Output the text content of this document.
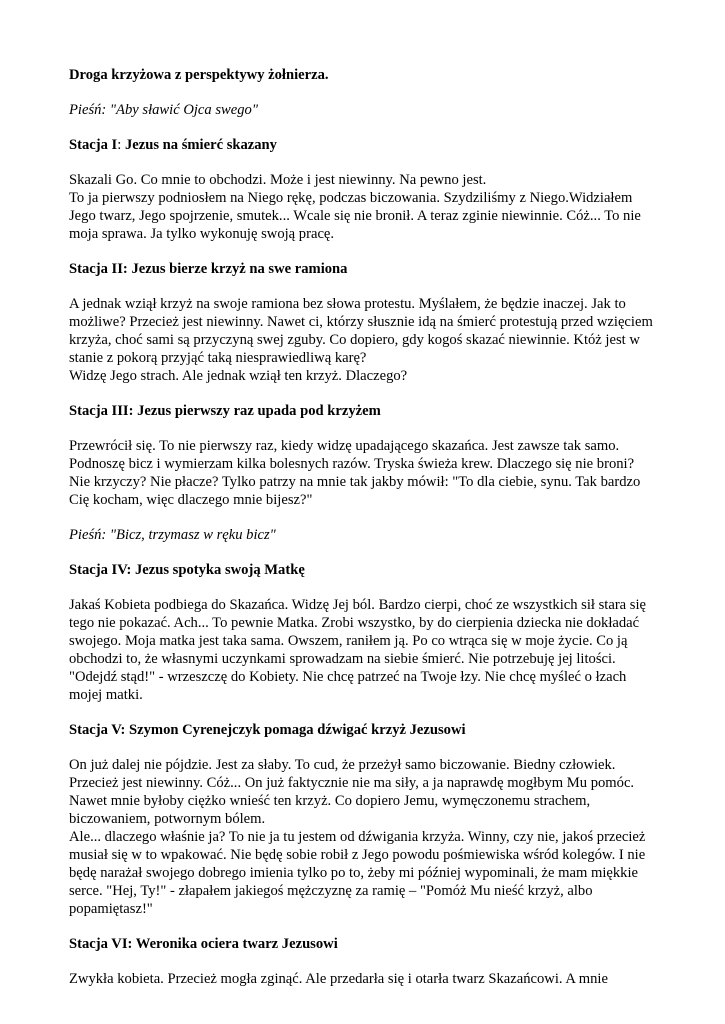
Droga krzyżowa z perspektywy żołnierza.

Pieśń: "Aby sławić Ojca swego"

Stacja I: Jezus na śmierć skazany

Skazali Go. Co mnie to obchodzi. Może i jest niewinny. Na pewno jest.
To ja pierwszy podniosłem na Niego rękę, podczas biczowania. Szydziliśmy z Niego.Widziałem
Jego twarz, Jego spojrzenie, smutek... Wcale się nie bronił. A teraz zginie niewinnie. Cóż... To nie
moja sprawa. Ja tylko wykonuję swoją pracę.

Stacja II: Jezus bierze krzyż na swe ramiona

A jednak wziął krzyż na swoje ramiona bez słowa protestu. Myślałem, że będzie inaczej. Jak to
możliwe? Przecież jest niewinny. Nawet ci, którzy słusznie idą na śmierć protestują przed wzięciem
krzyża, choć sami są przyczyną swej zguby. Co dopiero, gdy kogoś skazać niewinnie. Któż jest w
stanie z pokorą przyjąć taką niesprawiedliwą karę?
Widzę Jego strach. Ale jednak wziął ten krzyż. Dlaczego?

Stacja III: Jezus pierwszy raz upada pod krzyżem

Przewrócił się. To nie pierwszy raz, kiedy widzę upadającego skazańca. Jest zawsze tak samo.
Podnoszę bicz i wymierzam kilka bolesnych razów. Tryska świeża krew. Dlaczego się nie broni?
Nie krzyczy? Nie płacze? Tylko patrzy na mnie tak jakby mówił: "To dla ciebie, synu. Tak bardzo
Cię kocham, więc dlaczego mnie bijesz?"

Pieśń: "Bicz, trzymasz w ręku bicz"

Stacja IV: Jezus spotyka swoją Matkę

Jakaś Kobieta podbiega do Skazańca. Widzę Jej ból. Bardzo cierpi, choć ze wszystkich sił stara się
tego nie pokazać. Ach... To pewnie Matka. Zrobi wszystko, by do cierpienia dziecka nie dokładać
swojego. Moja matka jest taka sama. Owszem, raniłem ją. Po co wtrąca się w moje życie. Co ją
obchodzi to, że własnymi uczynkami sprowadzam na siebie śmierć. Nie potrzebuję jej litości.
"Odejdź stąd!" - wrzeszczę do Kobiety. Nie chcę patrzeć na Twoje łzy. Nie chcę myśleć o łzach
mojej matki.

Stacja V: Szymon Cyrenejczyk pomaga dźwigać krzyż Jezusowi

On już dalej nie pójdzie. Jest za słaby. To cud, że przeżył samo biczowanie. Biedny człowiek.
Przecież jest niewinny. Cóż... On już faktycznie nie ma siły, a ja naprawdę mogłbym Mu pomóc.
Nawet mnie byłoby ciężko wnieść ten krzyż. Co dopiero Jemu, wymęczonemu strachem,
biczowaniem, potwornym bólem.
Ale... dlaczego właśnie ja? To nie ja tu jestem od dźwigania krzyża. Winny, czy nie, jakoś przecież
musiał się w to wpakować. Nie będę sobie robił z Jego powodu pośmiewiska wśród kolegów. I nie
będę narażał swojego dobrego imienia tylko po to, żeby mi później wypominali, że mam miękkie
serce. "Hej, Ty!" - złapałem jakiegoś mężczyznę za ramię – "Pomóż Mu nieść krzyż, albo
popamiętasz!"

Stacja VI: Weronika ociera twarz Jezusowi

Zwykła kobieta. Przecież mogła zginąć. Ale przedarła się i otarła twarz Skazańcowi. A mnie
